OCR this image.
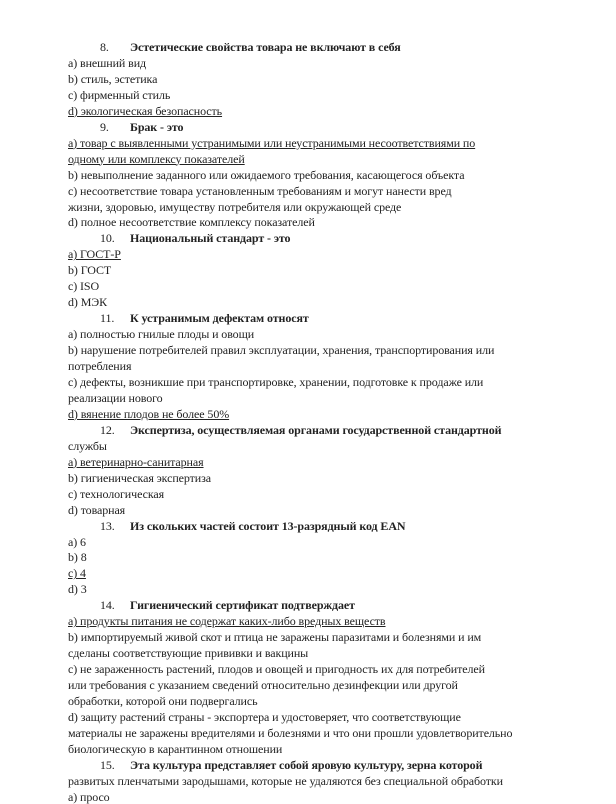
8. Эстетические свойства товара не включают в себя
a) внешний вид
b) стиль, эстетика
c) фирменный стиль
d) экологическая безопасность
9. Брак - это
a) товар с выявленными устранимыми или неустранимыми несоответствиями по
одному или комплексу показателей
b) невыполнение заданного или ожидаемого требования, касающегося объекта
c) несоответствие товара установленным требованиям и могут нанести вред
жизни, здоровью, имуществу потребителя или окружающей среде
d) полное несоответствие комплексу показателей
10. Национальный стандарт - это
a) ГОСТ-Р
b) ГОСТ
c) ISO
d) МЭК
11. К устранимым дефектам относят
a) полностью гнилые плоды и овощи
b) нарушение потребителей правил эксплуатации, хранения, транспортирования или
потребления
c) дефекты, возникшие при транспортировке, хранении, подготовке к продаже или
реализации нового
d) вянение плодов не более 50%
12. Экспертиза, осуществляемая органами государственной стандартной
службы
a) ветеринарно-санитарная
b) гигиеническая экспертиза
c) технологическая
d) товарная
13. Из скольких частей состоит 13-разрядный код EAN
a) 6
b) 8
c) 4
d) 3
14. Гигиенический сертификат подтверждает
a) продукты питания не содержат каких-либо вредных веществ
b) импортируемый живой скот и птица не заражены паразитами и болезнями и им
сделаны соответствующие прививки и вакцины
c) не зараженность растений, плодов и овощей и пригодность их для потребителей
или требования с указанием сведений относительно дезинфекции или другой
обработки, которой они подвергались
d) защиту растений страны - экспортера и удостоверяет, что соответствующие
материалы не заражены вредителями и болезнями и что они прошли удовлетворительно
биологическую в карантинном отношении
15. Эта культура представляет собой яровую культуру, зерна которой
развитых пленчатыми зародышами, которые не удаляются без специальной обработки
a) просо
